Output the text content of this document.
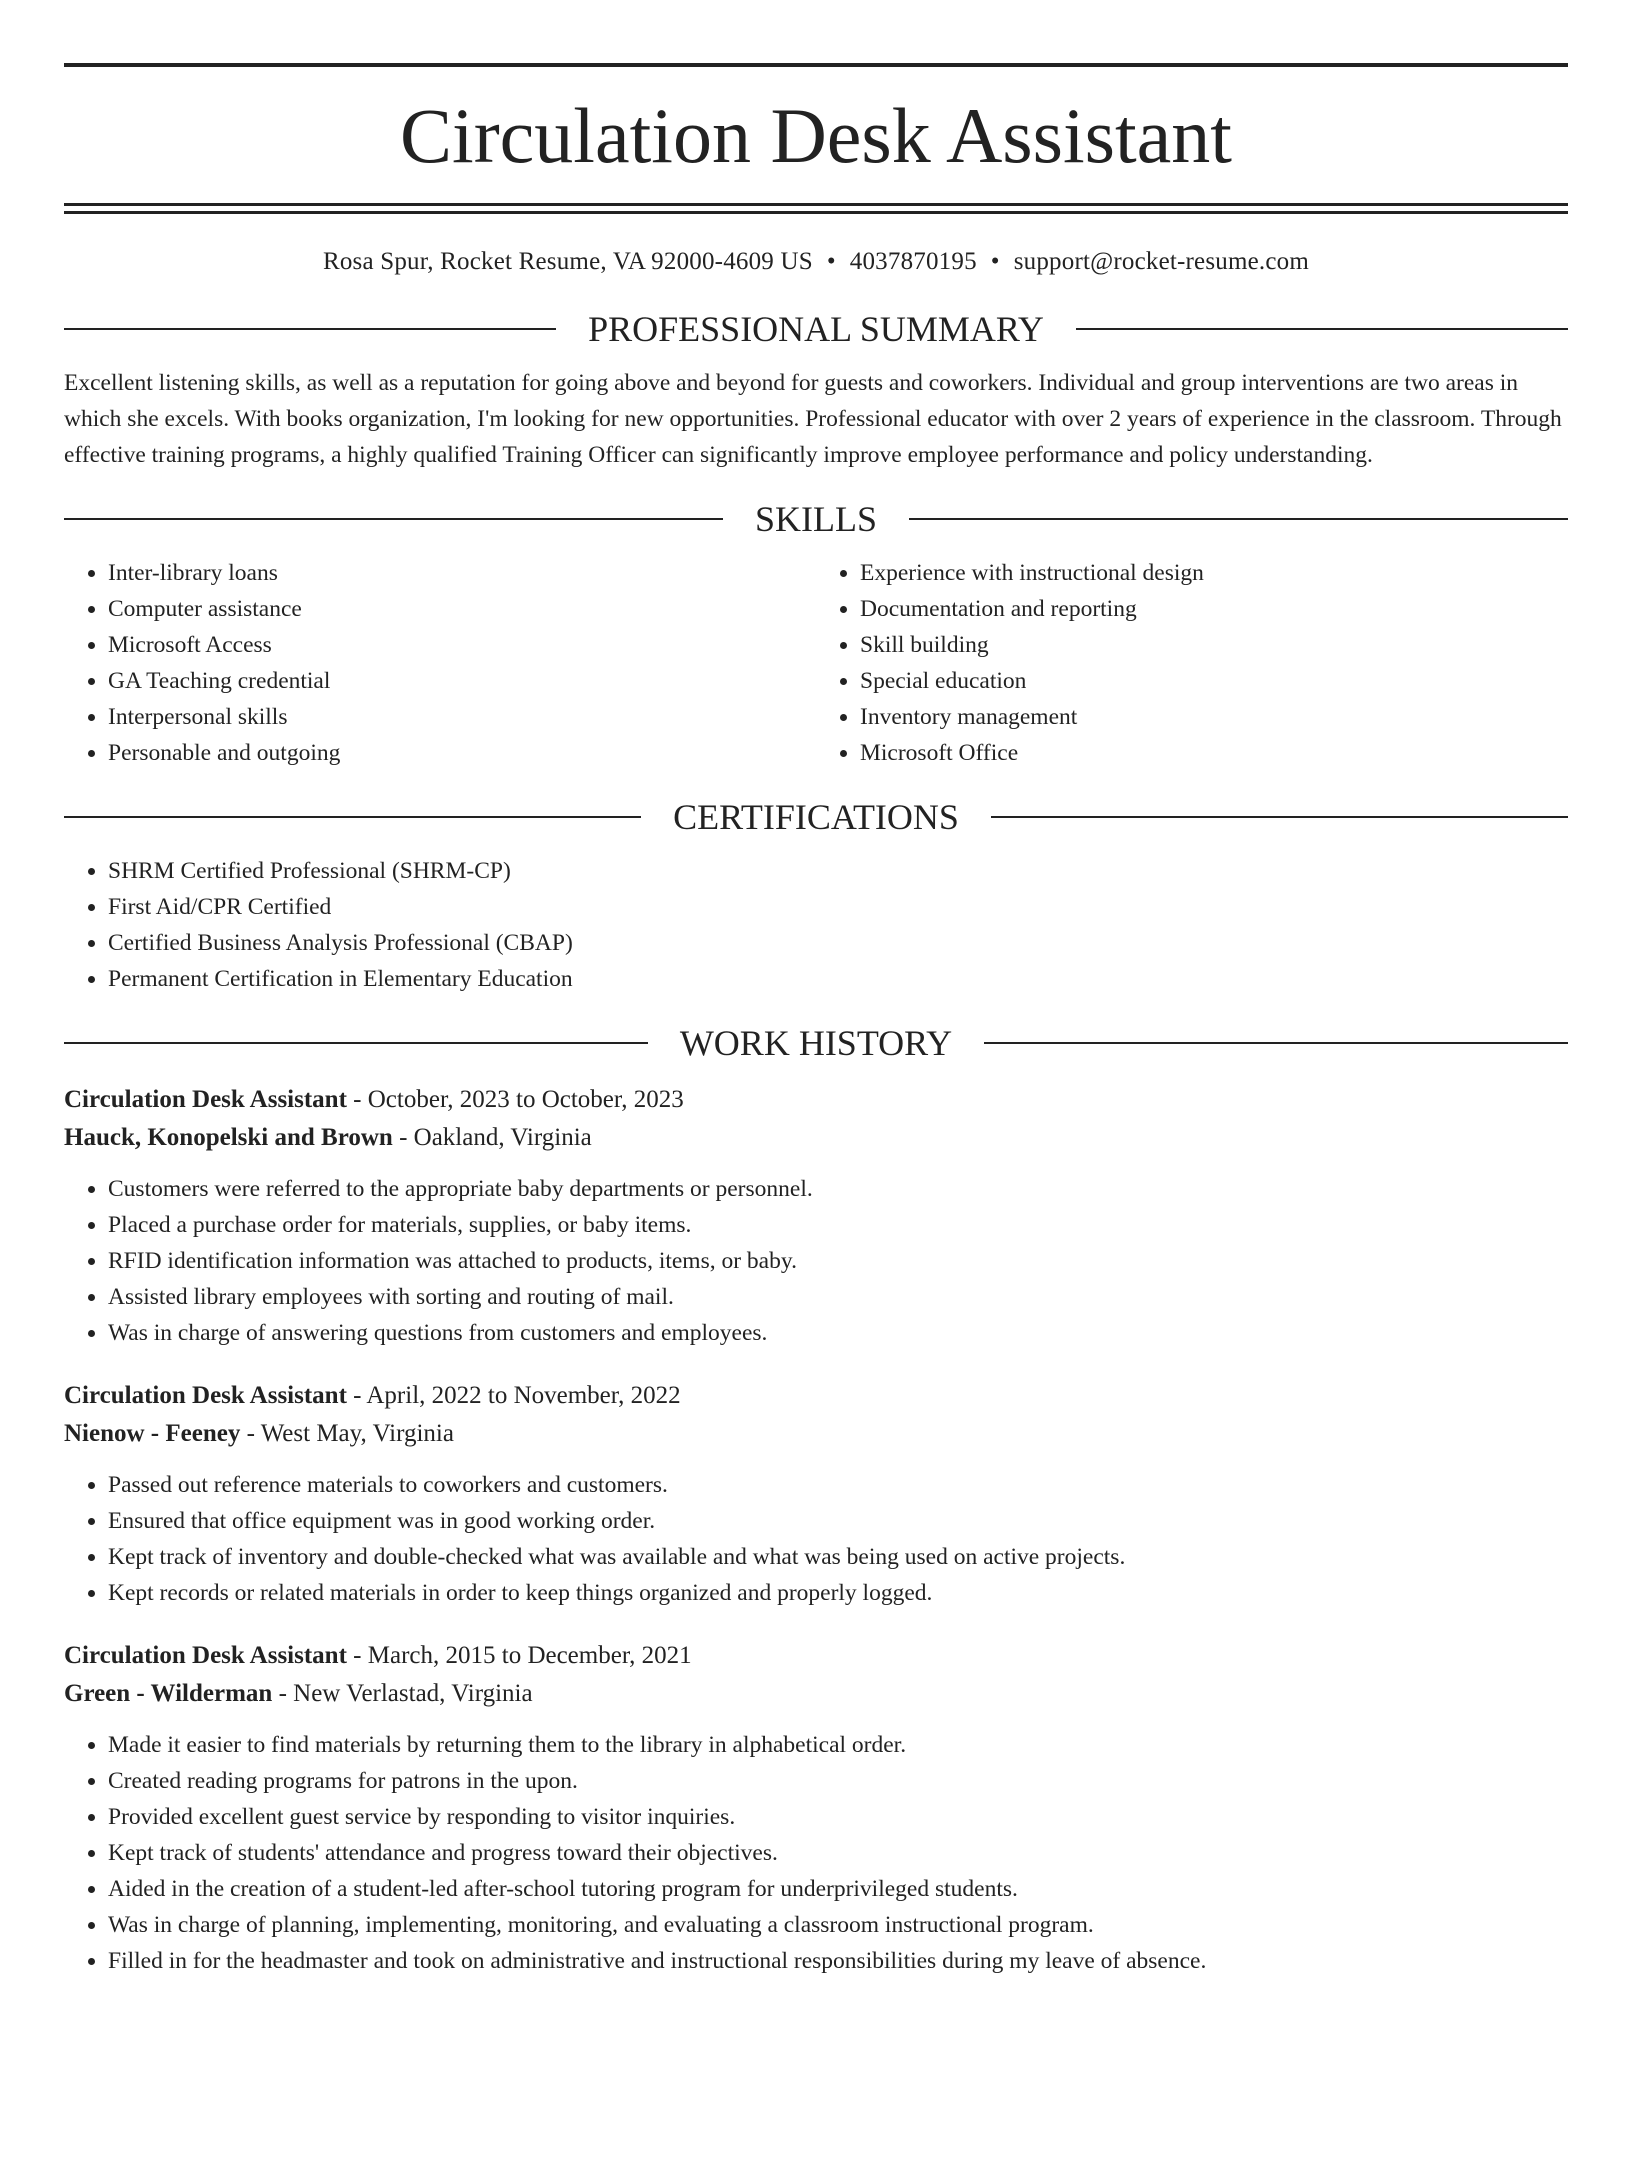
Circulation Desk Assistant
Rosa Spur, Rocket Resume, VA 92000-4609 US • 4037870195 • support@rocket-resume.com
PROFESSIONAL SUMMARY

Excellent listening skills, as well as a reputation for going above and beyond for guests and coworkers. Individual and group interventions are two areas in which she excels. With books organization, I'm looking for new opportunities. Professional educator with over 2 years of experience in the classroom. Through effective training programs, a highly qualified Training Officer can significantly improve employee performance and policy understanding.

SKILLS
• Inter-library loans
• Computer assistance
• Microsoft Access
• GA Teaching credential
• Interpersonal skills
• Personable and outgoing
• Experience with instructional design
• Documentation and reporting
• Skill building
• Special education
• Inventory management
• Microsoft Office
CERTIFICATIONS
• SHRM Certified Professional (SHRM-CP)
• First Aid/CPR Certified
• Certified Business Analysis Professional (CBAP)
• Permanent Certification in Elementary Education
WORK HISTORY
Circulation Desk Assistant - October, 2023 to October, 2023
Hauck, Konopelski and Brown - Oakland, Virginia
• Customers were referred to the appropriate baby departments or personnel.
• Placed a purchase order for materials, supplies, or baby items.
• RFID identification information was attached to products, items, or baby.
• Assisted library employees with sorting and routing of mail.
• Was in charge of answering questions from customers and employees.
Circulation Desk Assistant - April, 2022 to November, 2022
Nienow - Feeney - West May, Virginia
• Passed out reference materials to coworkers and customers.
• Ensured that office equipment was in good working order.
• Kept track of inventory and double-checked what was available and what was being used on active projects.
• Kept records or related materials in order to keep things organized and properly logged.
Circulation Desk Assistant - March, 2015 to December, 2021
Green - Wilderman - New Verlastad, Virginia
• Made it easier to find materials by returning them to the library in alphabetical order.
• Created reading programs for patrons in the upon.
• Provided excellent guest service by responding to visitor inquiries.
• Kept track of students' attendance and progress toward their objectives.
• Aided in the creation of a student-led after-school tutoring program for underprivileged students.
• Was in charge of planning, implementing, monitoring, and evaluating a classroom instructional program.
• Filled in for the headmaster and took on administrative and instructional responsibilities during my leave of absence.
